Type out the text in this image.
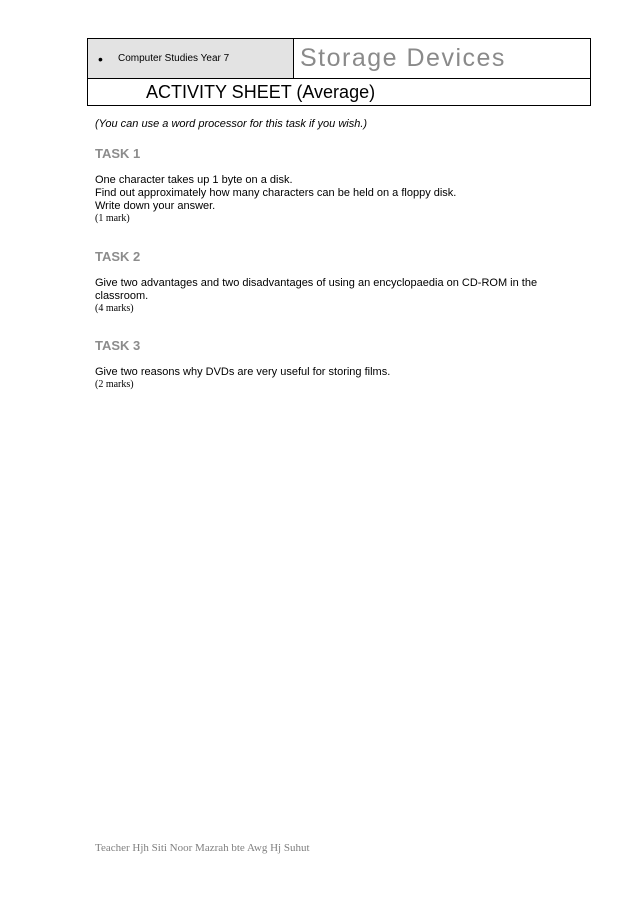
•	Computer Studies Year 7	Storage Devices
ACTIVITY SHEET (Average)

(You can use a word processor for this task if you wish.)

TASK 1

One character takes up 1 byte on a disk.

Find out approximately how many characters can be held on a floppy disk.

Write down your answer.

(1 mark)

TASK 2

Give two advantages and two disadvantages of using an encyclopaedia on CD-ROM in the

classroom.

(4 marks)

TASK 3

Give two reasons why DVDs are very useful for storing films.

(2 marks)

Teacher Hjh Siti Noor Mazrah bte Awg Hj Suhut
